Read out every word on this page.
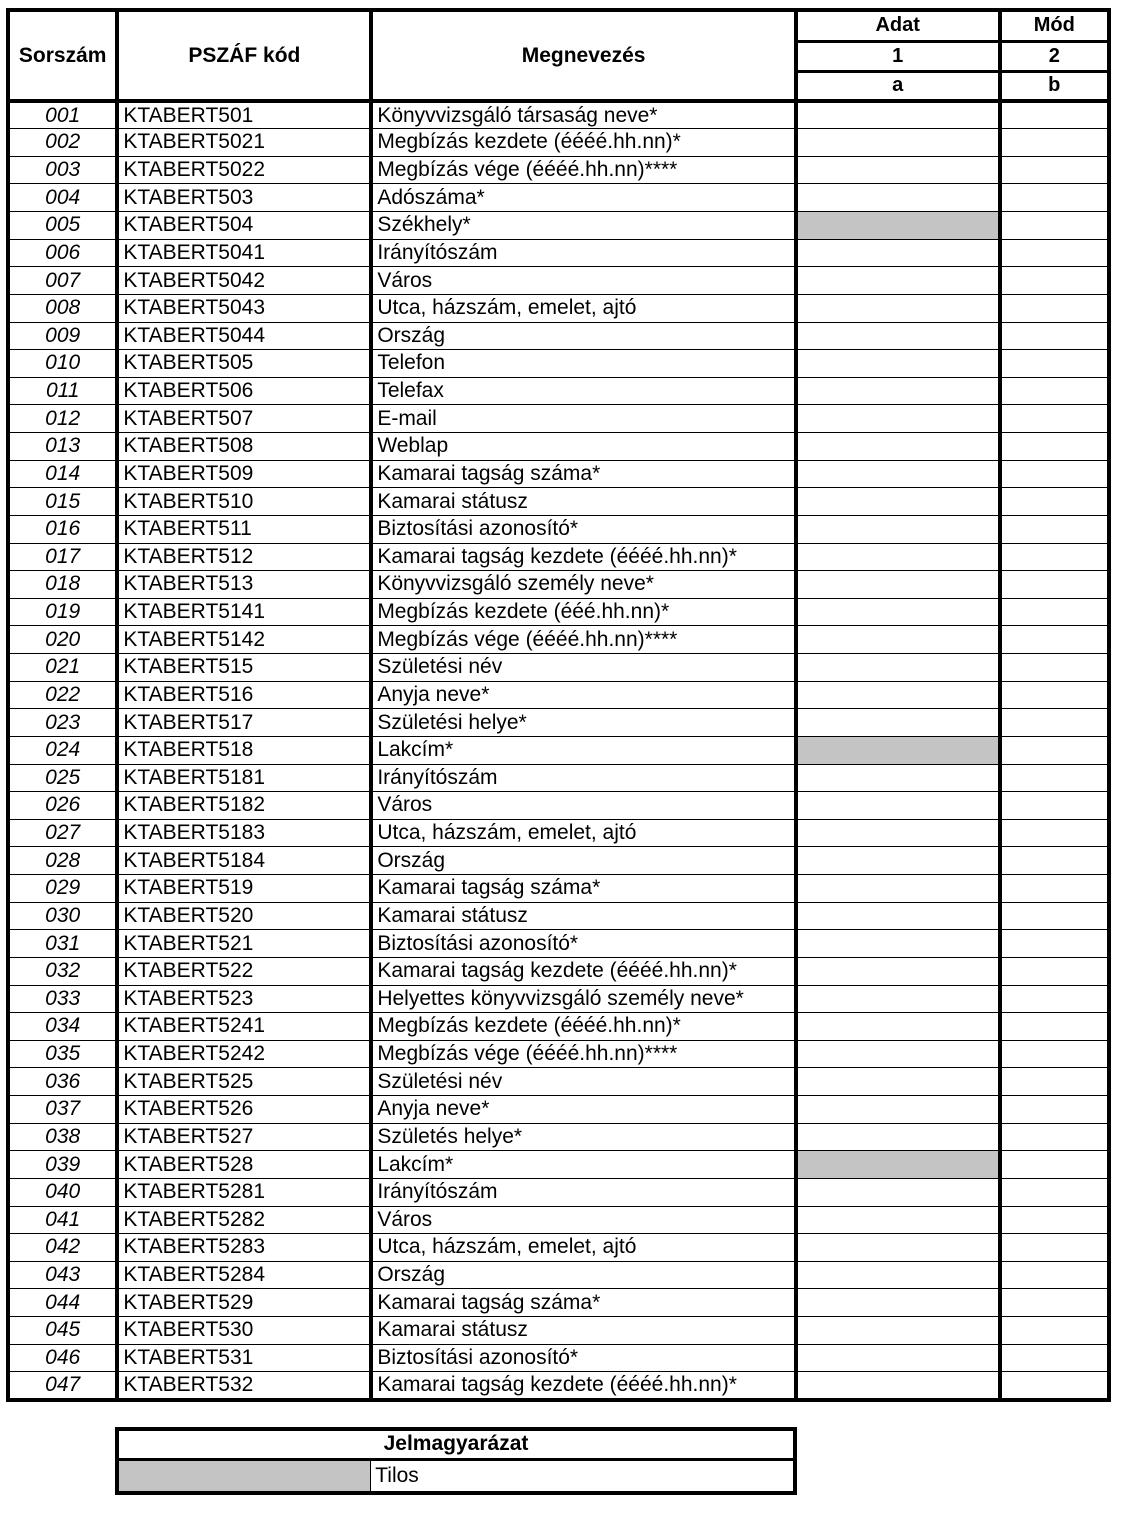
Sorszám	PSZÁF kód	Megnevezés	Adat	Mód
			1	2
			a	b
001	KTABERT501	Könyvvizsgáló társaság neve*		
002	KTABERT5021	Megbízás kezdete (éééé.hh.nn)*		
003	KTABERT5022	Megbízás vége (éééé.hh.nn)****		
004	KTABERT503	Adószáma*		
005	KTABERT504	Székhely*		
006	KTABERT5041	Irányítószám		
007	KTABERT5042	Város		
008	KTABERT5043	Utca, házszám, emelet, ajtó		
009	KTABERT5044	Ország		
010	KTABERT505	Telefon		
011	KTABERT506	Telefax		
012	KTABERT507	E-mail		
013	KTABERT508	Weblap		
014	KTABERT509	Kamarai tagság száma*		
015	KTABERT510	Kamarai státusz		
016	KTABERT511	Biztosítási azonosító*		
017	KTABERT512	Kamarai tagság kezdete (éééé.hh.nn)*		
018	KTABERT513	Könyvvizsgáló személy neve*		
019	KTABERT5141	Megbízás kezdete (ééé.hh.nn)*		
020	KTABERT5142	Megbízás vége (éééé.hh.nn)****		
021	KTABERT515	Születési név		
022	KTABERT516	Anyja neve*		
023	KTABERT517	Születési helye*		
024	KTABERT518	Lakcím*		
025	KTABERT5181	Irányítószám		
026	KTABERT5182	Város		
027	KTABERT5183	Utca, házszám, emelet, ajtó		
028	KTABERT5184	Ország		
029	KTABERT519	Kamarai tagság száma*		
030	KTABERT520	Kamarai státusz		
031	KTABERT521	Biztosítási azonosító*		
032	KTABERT522	Kamarai tagság kezdete (éééé.hh.nn)*		
033	KTABERT523	Helyettes könyvvizsgáló személy neve*		
034	KTABERT5241	Megbízás kezdete (éééé.hh.nn)*		
035	KTABERT5242	Megbízás vége (éééé.hh.nn)****		
036	KTABERT525	Születési név		
037	KTABERT526	Anyja neve*		
038	KTABERT527	Születés helye*		
039	KTABERT528	Lakcím*		
040	KTABERT5281	Irányítószám		
041	KTABERT5282	Város		
042	KTABERT5283	Utca, házszám, emelet, ajtó		
043	KTABERT5284	Ország		
044	KTABERT529	Kamarai tagság száma*		
045	KTABERT530	Kamarai státusz		
046	KTABERT531	Biztosítási azonosító*		
047	KTABERT532	Kamarai tagság kezdete (éééé.hh.nn)*		
Jelmagyarázat
	Tilos
